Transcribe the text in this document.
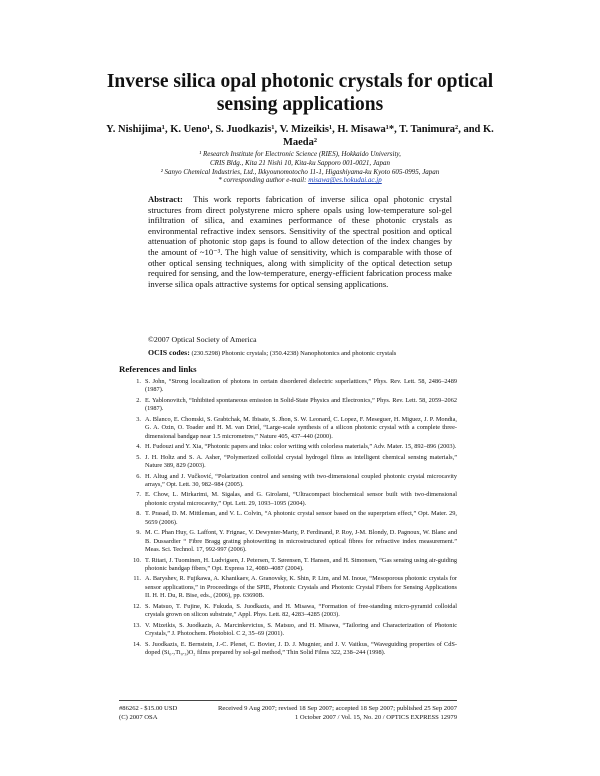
Inverse silica opal photonic crystals for optical sensing applications
Y. Nishijima¹, K. Ueno¹, S. Juodkazis¹, V. Mizeikis¹, H. Misawa¹*, T. Tanimura², and K. Maeda²
¹ Research Institute for Electronic Science (RIES), Hokkaido University,
CRIS Bldg., Kita 21 Nishi 10, Kita-ku Sapporo 001-0021, Japan
² Sanyo Chemical Industries, Ltd., Ikkyounomotocho 11-1, Higashiyama-ku Kyoto 605-0995, Japan
* corresponding author e-mail: misawa@es.hokudai.ac.jp
Abstract: This work reports fabrication of inverse silica opal photonic crystal structures from direct polystyrene micro sphere opals using low-temperature sol-gel infiltration of silica, and examines performance of these photonic crystals as environmental refractive index sensors. Sensitivity of the spectral position and optical attenuation of photonic stop gaps is found to allow detection of the index changes by the amount of ~10⁻³. The high value of sensitivity, which is comparable with those of other optical sensing techniques, along with simplicity of the optical detection setup required for sensing, and the low-temperature, energy-efficient fabrication process make inverse silica opals attractive systems for optical sensing applications.
©2007 Optical Society of America
OCIS codes: (230.5298) Photonic crystals; (350.4238) Nanophotonics and photonic crystals
References and links
1. S. John, “Strong localization of photons in certain disordered dielectric superlattices,” Phys. Rev. Lett. 58, 2486–2489 (1987).
2. E. Yablonovitch, “Inhibited spontaneous emission in Solid-State Physics and Electronics,” Phys. Rev. Lett. 58, 2059–2062 (1987).
3. A. Blanco, E. Chomski, S. Grabtchak, M. Ibisate, S. Jhon, S. W. Leonard, C. Lopez, F. Meseguer, H. Miguez, J. P. Mondia, G. A. Ozin, O. Toader and H. M. van Driel, “Large-scale synthesis of a silicon photonic crystal with a complete three-dimensional bandgap near 1.5 micrometres,” Nature 405, 437–440 (2000).
4. H. Fudouzi and Y. Xia, “Photonic papers and inks: color writing with colorless materials,” Adv. Mater. 15, 892–896 (2003).
5. J. H. Holtz and S. A. Asher, “Polymerized colloidal crystal hydrogel films as intelligent chemical sensing materials,” Nature 389, 829 (2003).
6. H. Altug and J. Vučković, “Polarization control and sensing with two-dimensional coupled photonic crystal microcavity arrays,” Opt. Lett. 30, 982–984 (2005).
7. E. Chow, L. Mirkarimi, M. Sigalas, and G. Girolami, “Ultracompact biochemical sensor built with two-dimensional photonic crystal microcavity,” Opt. Lett. 29, 1093–1095 (2004).
8. T. Prasad, D. M. Mittleman, and V. L. Colvin, “A photonic crystal sensor based on the superprism effect,” Opt. Mater. 29, 5659 (2006).
9. M. C. Phan Huy, G. Laffont, Y. Frignac, V. Dewynter-Marty, P. Ferdinand, P. Roy, J-M. Blondy, D. Pagnoux, W. Blanc and B. Dussardier “ Fibre Bragg grating photowriting in microstructured optical fibres for refractive index measurement.” Meas. Sci. Technol. 17, 992-997 (2006).
10. T. Ritari, J. Tuominen, H. Ludvigsen, J. Petersen, T. Sørensen, T. Hansen, and H. Simonsen, “Gas sensing using air-guiding photonic bandgap fibers,” Opt. Express 12, 4080–4087 (2004).
11. A. Baryshev, R. Fujikawa, A. Khanikaev, A. Granovsky, K. Shin, P. Lim, and M. Inoue, “Mesoporous photonic crystals for sensor applications,” in Proceedings of the SPIE, Photonic Crystals and Photonic Crystal Fibers for Sensing Applications II. H. H. Du, R. Bise, eds., (2006), pp. 63690B.
12. S. Matsuo, T. Fujine, K. Fukuda, S. Juodkazis, and H. Misawa, “Formation of free-standing micro-pyramid colloidal crystals grown on silicon substrate,” Appl. Phys. Lett. 82, 4283–4285 (2003).
13. V. Mizeikis, S. Juodkazis, A. Marcinkevicius, S. Matsuo, and H. Misawa, “Tailoring and Characterization of Photonic Crystals,” J. Photochem. Photobiol. C 2, 35–69 (2001).
14. S. Juodkazis, E. Bernstein, J.-C. Plenet, C. Bovier, J. D. J. Mugnier, and J. V. Vaitkus, “Waveguiding properties of CdS-doped (Si₀.₇Ti₀.₃)O₂ films prepared by sol-gel method,” Thin Solid Films 322, 238–244 (1998).
#86262 - $15.00 USD	Received 9 Aug 2007; revised 18 Sep 2007; accepted 18 Sep 2007; published 25 Sep 2007
(C) 2007 OSA	1 October 2007 / Vol. 15, No. 20 / OPTICS EXPRESS 12979
